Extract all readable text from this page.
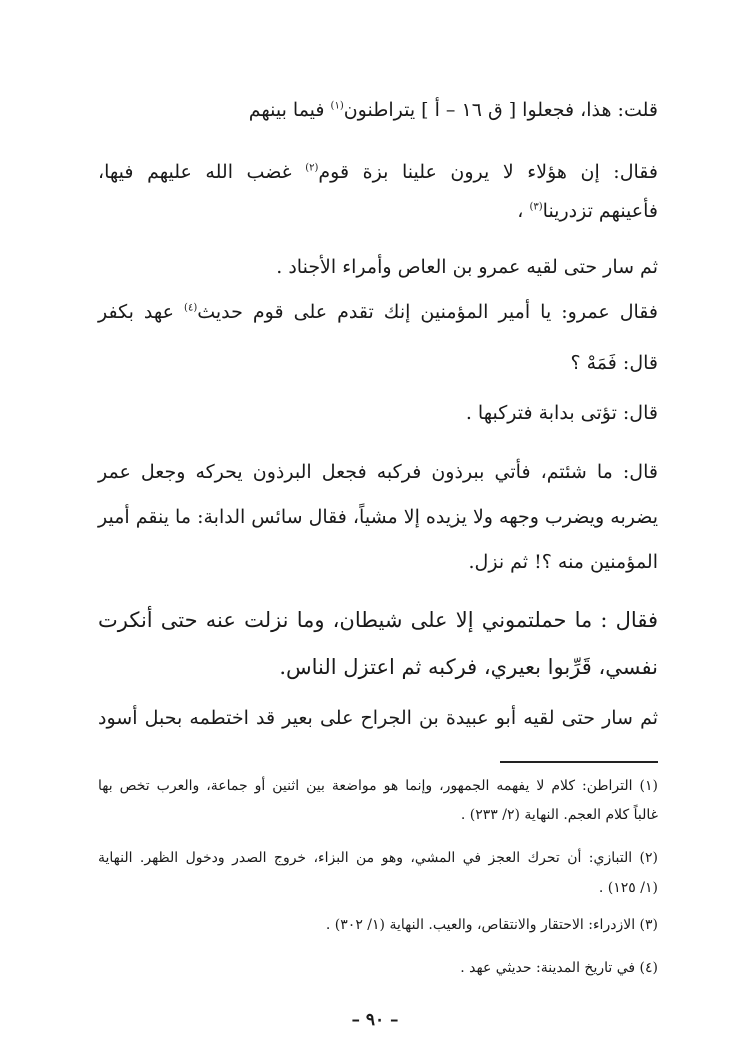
قلت: هذا، فجعلوا [ ق ١٦ – أ ] يتراطنون$^{(١)}$ فيما بينهم
فقال: إن هؤلاء لا يرون علينا بزة قوم$^{(٢)}$ غضب الله عليهم فيها،
فأعينهم تزدرينا$^{(٣)}$ ،
ثم سار حتى لقيه عمرو بن العاص وأمراء الأجناد .
فقال عمرو: يا أمير المؤمنين إنك تقدم على قوم حديث$^{(٤)}$ عهد بكفر
قال: فَمَهْ ؟
قال: تؤتى بدابة فتركبها .
قال: ما شئتم، فأتي ببرذون فركبه فجعل البرذون يحركه وجعل عمر
يضربه ويضرب وجهه ولا يزيده إلا مشياً، فقال سائس الدابة: ما ينقم أمير
المؤمنين منه ؟! ثم نزل.
فقال : ما حملتموني إلا على شيطان، وما نزلت عنه حتى أنكرت
نفسي، قَرِّبوا بعيري، فركبه ثم اعتزل الناس.
ثم سار حتى لقيه أبو عبيدة بن الجراح على بعير قد اختطمه بحبل أسود
(١) التراطن: كلام لا يفهمه الجمهور، وإنما هو مواضعة بين اثنين أو جماعة، والعرب تخص بها
غالباً كلام العجم. النهاية (٢/ ٢٣٣) .
(٢) التبازي: أن تحرك العجز في المشي، وهو من البزاء، خروج الصدر ودخول الظهر. النهاية
(١/ ١٢٥) .
(٣) الازدراء: الاحتقار والانتقاص، والعيب. النهاية (١/ ٣٠٢) .
(٤) في تاريخ المدينة: حديثي عهد .
– ٩٠ –
